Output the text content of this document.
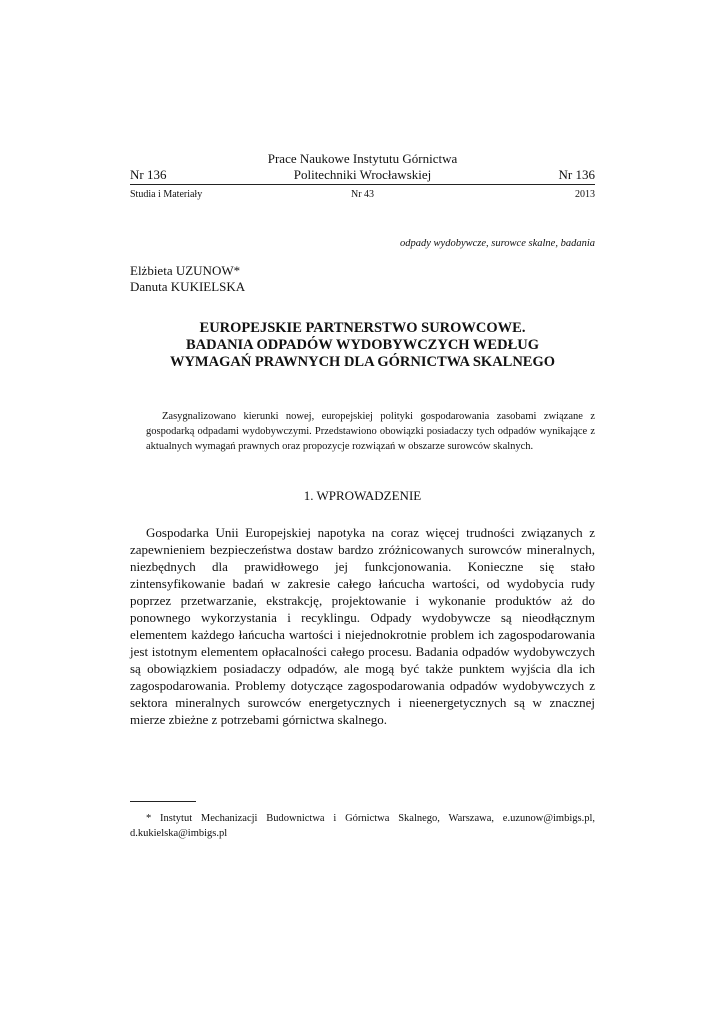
Prace Naukowe Instytutu Górnictwa
Nr 136	Politechniki Wrocławskiej	Nr 136
Studia i Materiały	Nr 43	2013
odpady wydobywcze, surowce skalne, badania
Elżbieta UZUNOW*
Danuta KUKIELSKA
EUROPEJSKIE PARTNERSTWO SUROWCOWE.
BADANIA ODPADÓW WYDOBYWCZYCH WEDŁUG
WYMAGAŃ PRAWNYCH DLA GÓRNICTWA SKALNEGO

Zasygnalizowano kierunki nowej, europejskiej polityki gospodarowania zasobami związane z gospodarką odpadami wydobywczymi. Przedstawiono obowiązki posiadaczy tych odpadów wynikające z aktualnych wymagań prawnych oraz propozycje rozwiązań w obszarze surowców skalnych.

1. WPROWADZENIE

Gospodarka Unii Europejskiej napotyka na coraz więcej trudności związanych z zapewnieniem bezpieczeństwa dostaw bardzo zróżnicowanych surowców mineralnych, niezbędnych dla prawidłowego jej funkcjonowania. Konieczne się stało zintensyfikowanie badań w zakresie całego łańcucha wartości, od wydobycia rudy poprzez przetwarzanie, ekstrakcję, projektowanie i wykonanie produktów aż do ponownego wykorzystania i recyklingu. Odpady wydobywcze są nieodłącznym elementem każdego łańcucha wartości i niejednokrotnie problem ich zagospodarowania jest istotnym elementem opłacalności całego procesu. Badania odpadów wydobywczych są obowiązkiem posiadaczy odpadów, ale mogą być także punktem wyjścia dla ich zagospodarowania. Problemy dotyczące zagospodarowania odpadów wydobywczych z sektora mineralnych surowców energetycznych i nieenergetycznych są w znacznej mierze zbieżne z potrzebami górnictwa skalnego.

* Instytut Mechanizacji Budownictwa i Górnictwa Skalnego, Warszawa, e.uzunow@imbigs.pl, d.kukielska@imbigs.pl
